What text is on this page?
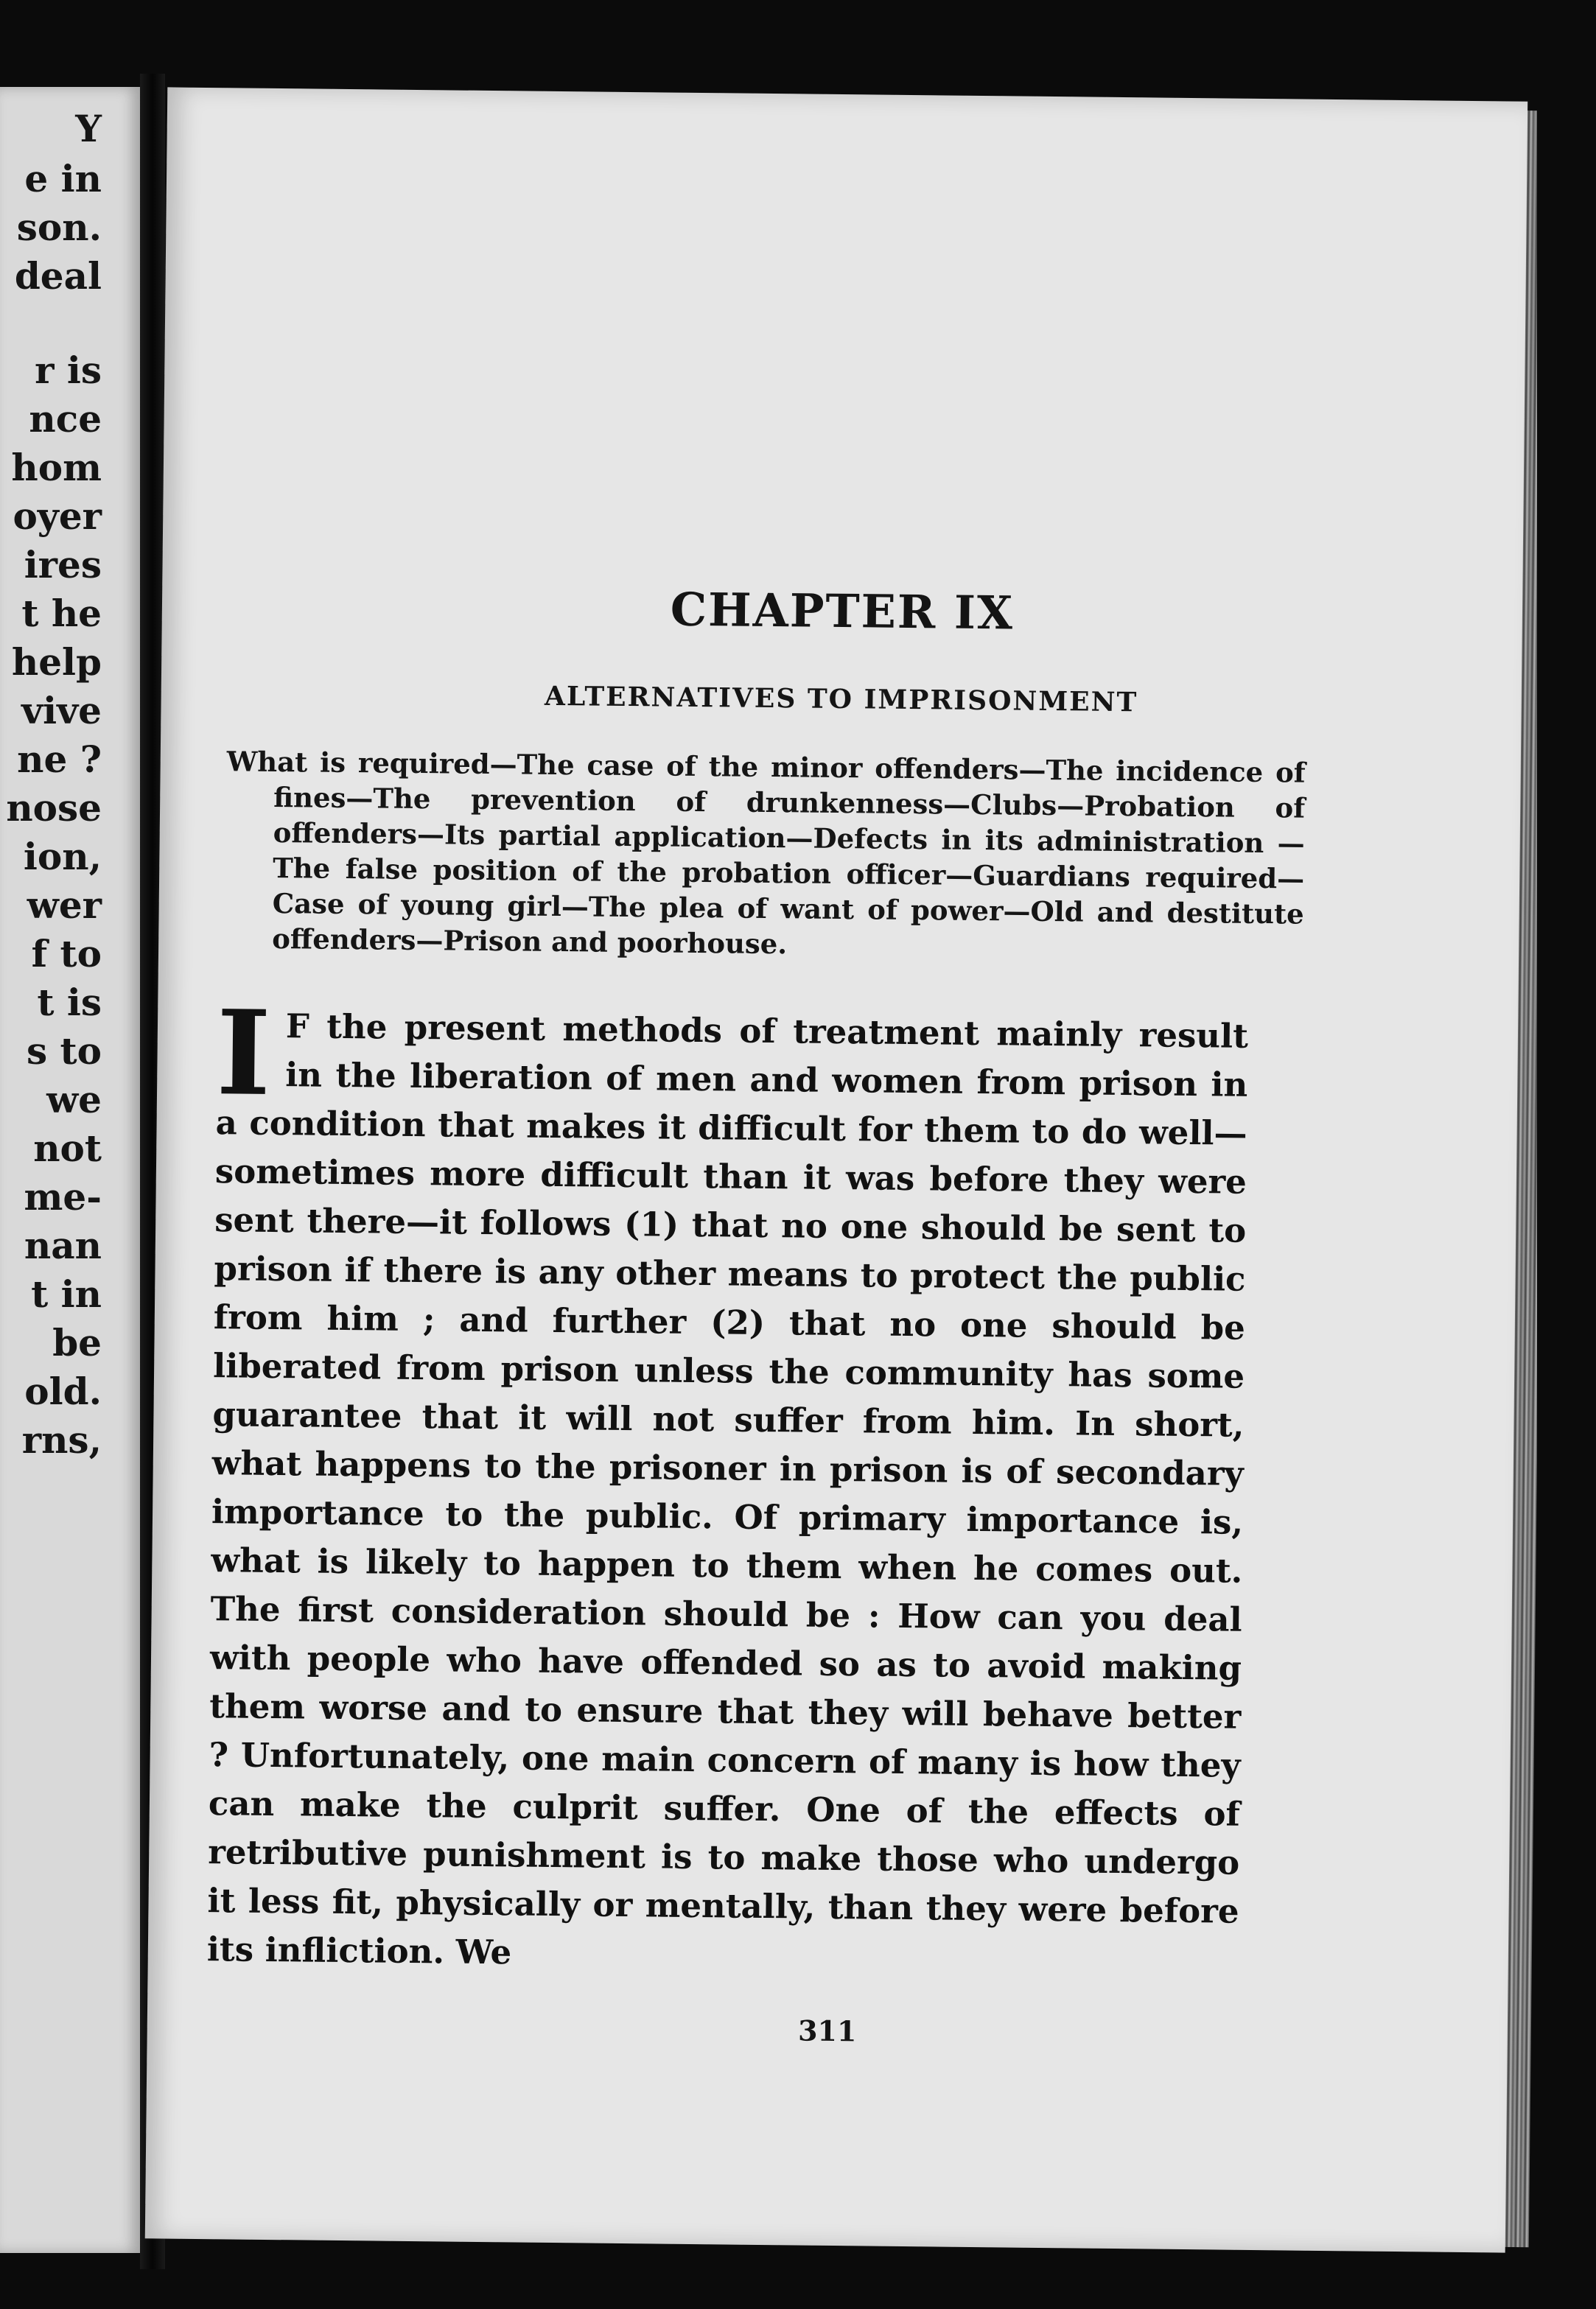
Y

e in

son.

deal

r is

nce

hom

oyer

ires

t he

help

vive

ne ?

nose

ion,

wer

f to

t is

s to

we

not

me-

nan

t in

be

old.

rns,

CHAPTER IX
ALTERNATIVES TO IMPRISONMENT

What is required—The case of the minor offenders—The incidence of fines—The prevention of drunkenness—Clubs—Probation of offenders—Its partial application—Defects in its administration —The false position of the probation officer—Guardians required—Case of young girl—The plea of want of power—Old and destitute offenders—Prison and poorhouse.

I F the present methods of treatment mainly result in the liberation of men and women from prison in a condition that makes it difficult for them to do well—sometimes more difficult than it was before they were sent there—it follows (1) that no one should be sent to prison if there is any other means to protect the public from him ; and further (2) that no one should be liberated from prison unless the community has some guarantee that it will not suffer from him. In short, what happens to the prisoner in prison is of secondary importance to the public. Of primary importance is, what is likely to happen to them when he comes out. The first consideration should be : How can you deal with people who have offended so as to avoid making them worse and to ensure that they will behave better ? Unfortunately, one main concern of many is how they can make the culprit suffer. One of the effects of retributive punishment is to make those who undergo it less fit, physically or mentally, than they were before its infliction. We

311
